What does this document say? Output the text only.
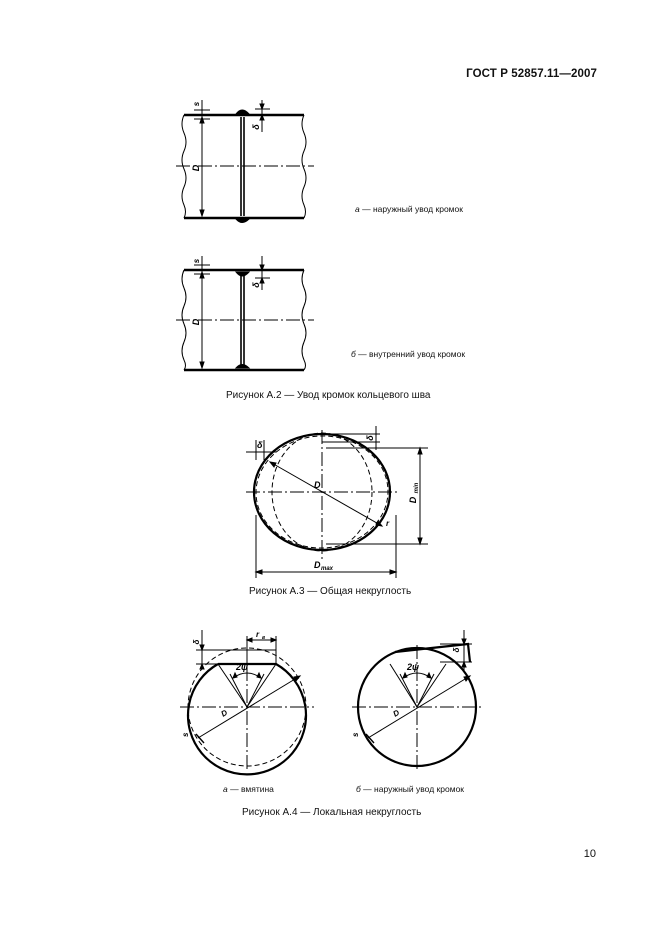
ГОСТ Р 52857.11—2007
D
s
δ
D
s
δ
D
δ
δ
D
min
D max
r
2ψ
D
s
δ
r в
2ψ
D
s
δ
а — наружный увод кромок
б — внутренний увод кромок
Рисунок А.2 — Увод кромок кольцевого шва
Рисунок А.3 — Общая некруглость
а — вмятина	б — наружный увод кромок
Рисунок А.4 — Локальная некруглость
10
